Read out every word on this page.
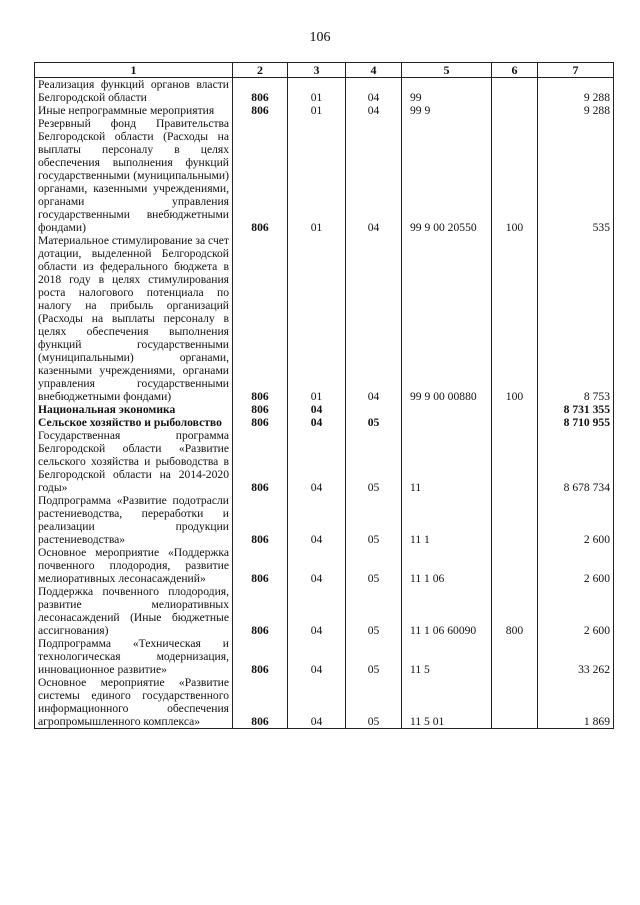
106
1	2	3	4	5	6	7
Реализация функций органов власти Белгородской области	806	01	04	99		9 288
Иные непрограммные мероприятия	806	01	04	99 9		9 288
Резервный фонд Правительства Белгородской области (Расходы на выплаты персоналу в целях обеспечения выполнения функций государственными (муниципальными) органами, казенными учреждениями, органами управления государственными внебюджетными фондами)	806	01	04	99 9 00 20550	100	535
Материальное стимулирование за счет дотации, выделенной Белгородской области из федерального бюджета в 2018 году в целях стимулирования роста налогового потенциала по налогу на прибыль организаций (Расходы на выплаты персоналу в целях обеспечения выполнения функций государственными (муниципальными) органами, казенными учреждениями, органами управления государственными внебюджетными фондами)	806	01	04	99 9 00 00880	100	8 753
Национальная экономика	806	04				8 731 355
Сельское хозяйство и рыболовство	806	04	05			8 710 955
Государственная программа Белгородской области «Развитие сельского хозяйства и рыбоводства в Белгородской области на 2014-2020 годы»	806	04	05	11		8 678 734
Подпрограмма «Развитие подотрасли растениеводства, переработки и реализации продукции растениеводства»	806	04	05	11 1		2 600
Основное мероприятие «Поддержка почвенного плодородия, развитие мелиоративных лесонасаждений»	806	04	05	11 1 06		2 600
Поддержка почвенного плодородия, развитие мелиоративных лесонасаждений (Иные бюджетные ассигнования)	806	04	05	11 1 06 60090	800	2 600
Подпрограмма «Техническая и технологическая модернизация, инновационное развитие»	806	04	05	11 5		33 262
Основное мероприятие «Развитие системы единого государственного информационного обеспечения агропромышленного комплекса»	806	04	05	11 5 01		1 869
